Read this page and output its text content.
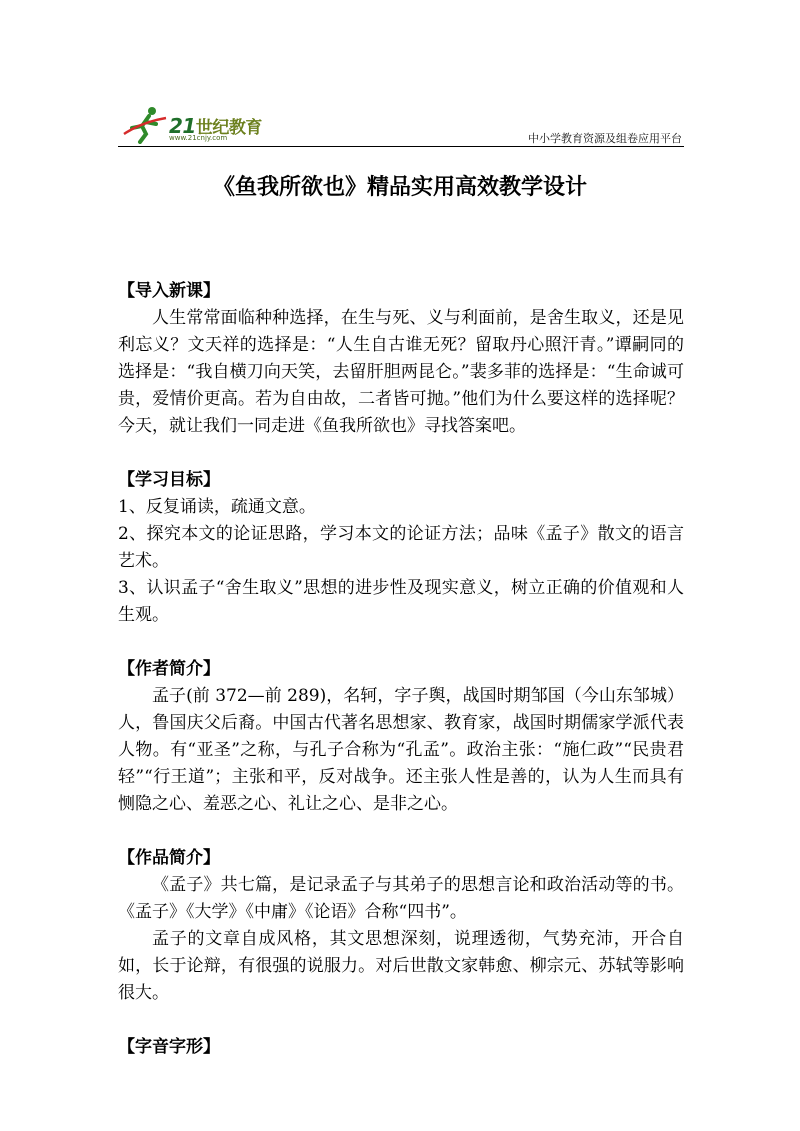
21世纪教育
www.21cnjy.com	中小学教育资源及组卷应用平台
《鱼我所欲也》精品实用高效教学设计
【导入新课】

人生常常面临种种选择，在生与死、义与利面前，是舍生取义，还是见利忘义？文天祥的选择是：“人生自古谁无死？留取丹心照汗青。”谭嗣同的选择是：“我自横刀向天笑，去留肝胆两昆仑。”裴多菲的选择是：“生命诚可贵，爱情价更高。若为自由故，二者皆可抛。”他们为什么要这样的选择呢？今天，就让我们一同走进《鱼我所欲也》寻找答案吧。

【学习目标】

1、反复诵读，疏通文意。

2、探究本文的论证思路，学习本文的论证方法；品味《孟子》散文的语言艺术。

3、认识孟子“舍生取义”思想的进步性及现实意义，树立正确的价值观和人生观。

【作者简介】

孟子(前 372—前 289)，名轲，字子舆，战国时期邹国（今山东邹城）人，鲁国庆父后裔。中国古代著名思想家、教育家，战国时期儒家学派代表人物。有“亚圣”之称，与孔子合称为“孔孟”。政治主张：“施仁政”“民贵君轻”“行王道”；主张和平，反对战争。还主张人性是善的，认为人生而具有恻隐之心、羞恶之心、礼让之心、是非之心。

【作品简介】

《孟子》共七篇，是记录孟子与其弟子的思想言论和政治活动等的书。《孟子》《大学》《中庸》《论语》合称“四书”。

孟子的文章自成风格，其文思想深刻，说理透彻，气势充沛，开合自如，长于论辩，有很强的说服力。对后世散文家韩愈、柳宗元、苏轼等影响很大。

【字音字形】
